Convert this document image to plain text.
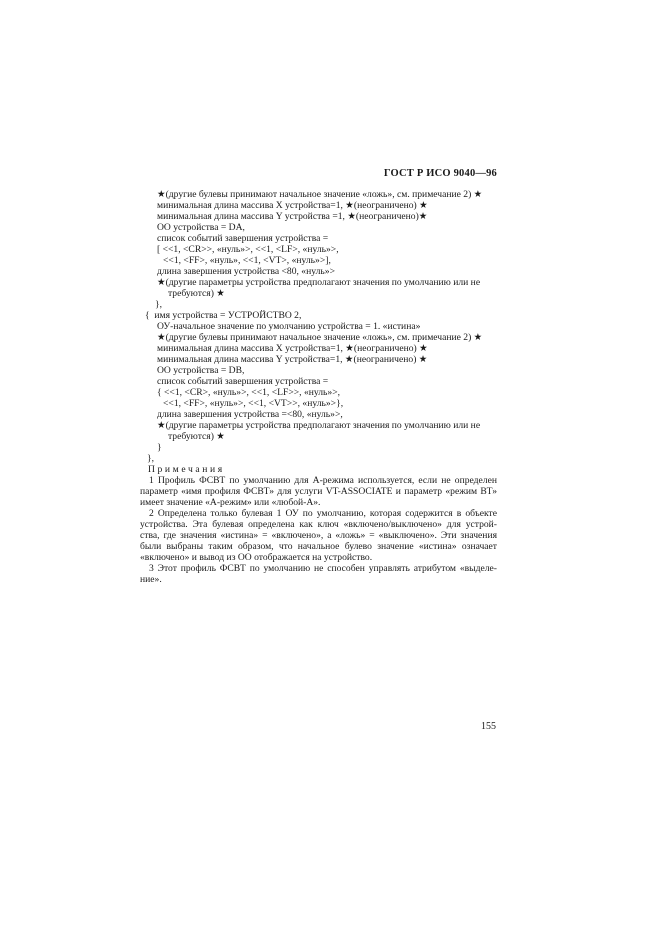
ГОСТ Р ИСО 9040—96
★(другие булевы принимают начальное значение «ложь», см. примечание 2) ★
минимальная длина массива X устройства=1, ★(неограничено) ★
минимальная длина массива Y устройства =1, ★(неограничено)★
ОО устройства = DA,
список событий завершения устройства =
[ <<1, <CR>>, «нуль»>, <<1, <LF>, «нуль»>,
<<1, <FF>, «нуль», <<1, <VT>, «нуль»>],
длина завершения устройства <80, «нуль»>
★(другие параметры устройства предполагают значения по умолчанию или не
требуются) ★
},
{  имя устройства = УСТРОЙСТВО 2,
ОУ-начальное значение по умолчанию устройства = 1. «истина»
★(другие булевы принимают начальное значение «ложь», см. примечание 2) ★
минимальная длина массива X устройства=1, ★(неограничено) ★
минимальная длина массива Y устройства=1, ★(неограничено) ★
ОО устройства = DB,
список событий завершения устройства =
{ <<1, <CR>, «нуль»>, <<1, <LF>>, «нуль»>,
<<1, <FF>, «нуль»>, <<1, <VT>>, «нуль»>},
длина завершения устройства =<80, «нуль»>,
★(другие параметры устройства предполагают значения по умолчанию или не
требуются) ★
}
},
Примечания
1 Профиль ФСВТ по умолчанию для А-режима используется, если не определен
параметр «имя профиля ФСВТ» для услуги VT-ASSOCIATE и параметр «режим ВТ»
имеет значение «А-режим» или «любой-А».
2 Определена только булевая 1 ОУ по умолчанию, которая содержится в объекте
устройства. Эта булевая определена как ключ «включено/выключено» для устрой-
ства, где значения «истина» = «включено», а «ложь» = «выключено». Эти значения
были выбраны таким образом, что начальное булево значение «истина» означает
«включено» и вывод из ОО отображается на устройство.
3 Этот профиль ФСВТ по умолчанию не способен управлять атрибутом «выделе-
ние».
155
